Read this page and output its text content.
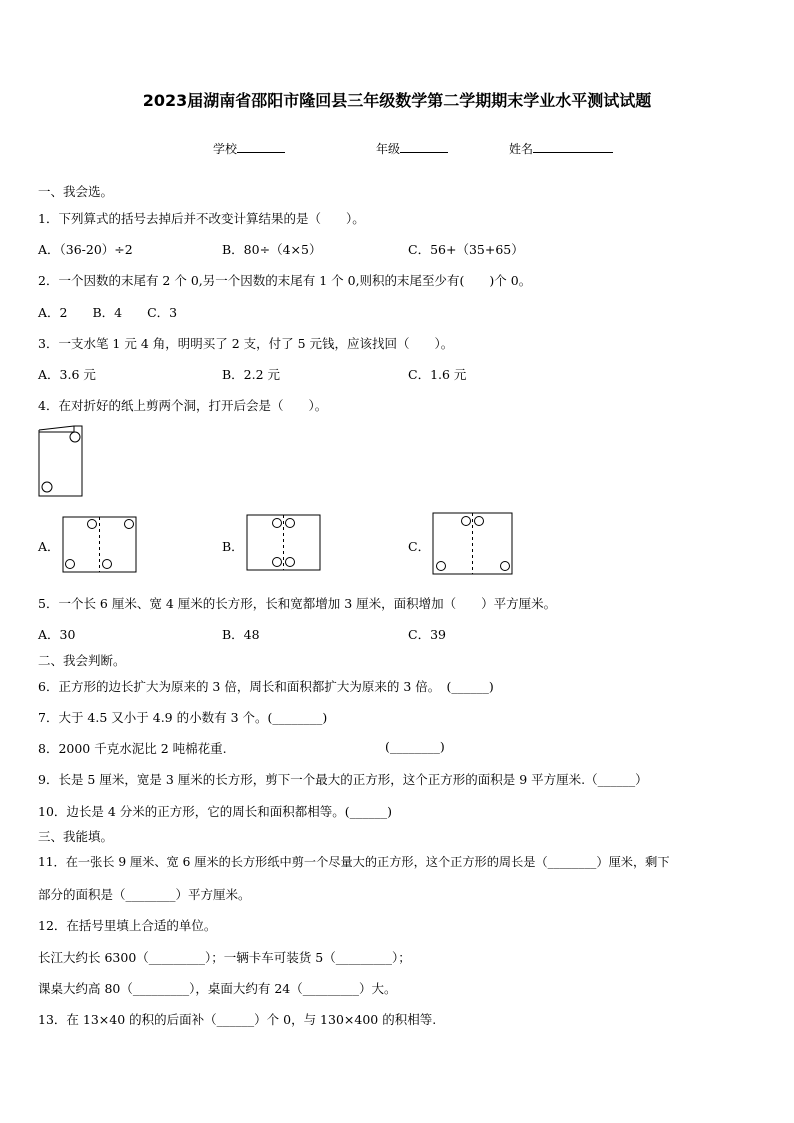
2023届湖南省邵阳市隆回县三年级数学第二学期期末学业水平测试试题
学校	年级	姓名
一、我会选。
1．下列算式的括号去掉后并不改变计算结果的是（　　）。
A．（36-20）÷2	B．80÷（4×5）	C．56+（35+65）
2．一个因数的末尾有 2 个 0,另一个因数的末尾有 1 个 0,则积的末尾至少有(　　)个 0。
A．2　　B．4　　C．3
3．一支水笔 1 元 4 角，明明买了 2 支，付了 5 元钱，应该找回（　　）。
A．3.6 元	B．2.2 元	C．1.6 元
4．在对折好的纸上剪两个洞，打开后会是（　　）。
A．	B．	C．
5．一个长 6 厘米、宽 4 厘米的长方形，长和宽都增加 3 厘米，面积增加（　　）平方厘米。
A．30	B．48	C．39
二、我会判断。
6．正方形的边长扩大为原来的 3 倍，周长和面积都扩大为原来的 3 倍。　(______)
7．大于 4.5 又小于 4.9 的小数有 3 个。(________)
8．2000 千克水泥比 2 吨棉花重.	(________)
9．长是 5 厘米，宽是 3 厘米的长方形，剪下一个最大的正方形，这个正方形的面积是 9 平方厘米.（______）
10．边长是 4 分米的正方形，它的周长和面积都相等。(______)
三、我能填。
11．在一张长 9 厘米、宽 6 厘米的长方形纸中剪一个尽量大的正方形，这个正方形的周长是（________）厘米，剩下
部分的面积是（________）平方厘米。
12．在括号里填上合适的单位。
长江大约长 6300（_________）；一辆卡车可装货 5（_________）；
课桌大约高 80（_________），桌面大约有 24（_________）大。
13．在 13×40 的积的后面补（______）个 0，与 130×400 的积相等.
